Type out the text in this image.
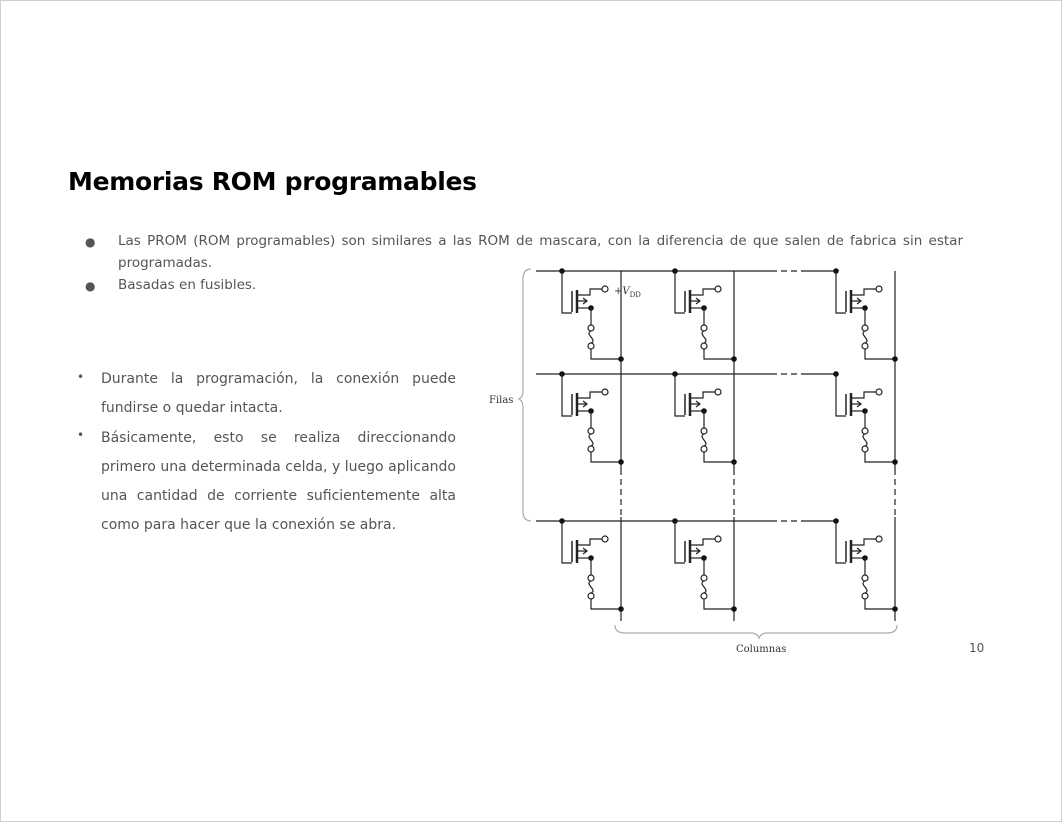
Memorias ROM programables
● Las PROM (ROM programables) son similares a las ROM de mascara, con la diferencia de que salen de fabrica sin estar programadas.
● Basadas en fusibles.
•
•
Durante la programación, la conexión puede fundirse o quedar intacta.
Básicamente, esto se realiza direccionando primero una determinada celda, y luego aplicando una cantidad de corriente suficientemente alta como para hacer que la conexión se abra.
Filas
Columnas
$+V_{DD}$
10
